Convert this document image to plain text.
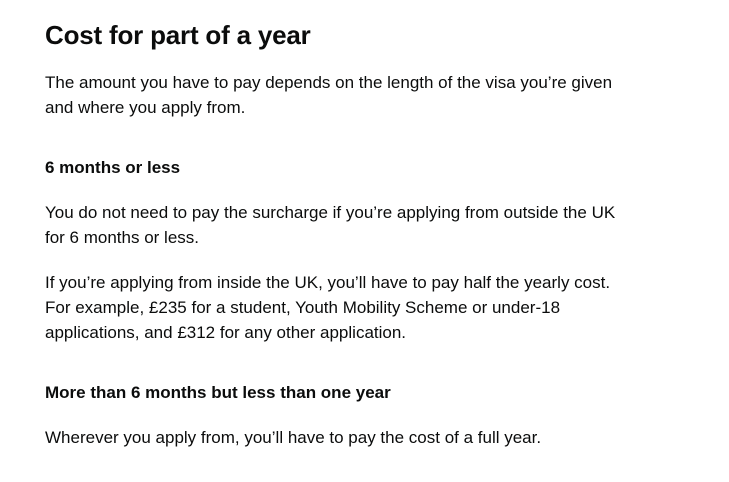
Cost for part of a year

The amount you have to pay depends on the length of the visa you’re given
and where you apply from.

6 months or less

You do not need to pay the surcharge if you’re applying from outside the UK
for 6 months or less.

If you’re applying from inside the UK, you’ll have to pay half the yearly cost.
For example, £235 for a student, Youth Mobility Scheme or under-18
applications, and £312 for any other application.

More than 6 months but less than one year

Wherever you apply from, you’ll have to pay the cost of a full year.
